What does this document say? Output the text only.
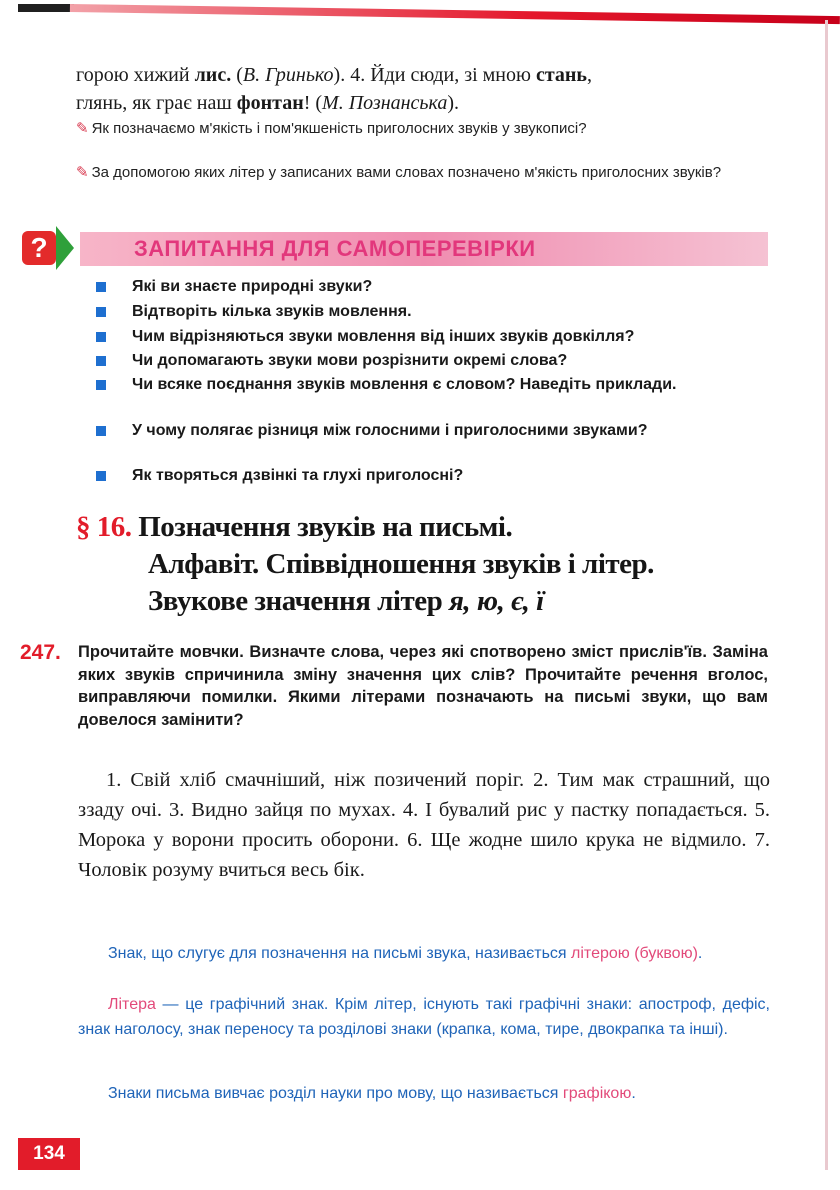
горою хижий лис. (В. Гринько). 4. Йди сюди, зі мною стань,
глянь, як грає наш фонтан! (М. Познанська).
✎ Як позначаємо м'якість і пом'якшеність приголосних звуків у звукописі?
✎ За допомогою яких літер у записаних вами словах позначено м'якість приголосних звуків?
?	ЗАПИТАННЯ ДЛЯ САМОПЕРЕВІРКИ
Які ви знаєте природні звуки?
Відтворіть кілька звуків мовлення.
Чим відрізняються звуки мовлення від інших звуків довкілля?
Чи допомагають звуки мови розрізнити окремі слова?
Чи всяке поєднання звуків мовлення є словом? Наведіть приклади.
У чому полягає різниця між голосними і приголосними звуками?
Як творяться дзвінкі та глухі приголосні?
§ 16. Позначення звуків на письмі.
Алфавіт. Співвідношення звуків і літер.
Звукове значення літер я, ю, є, ї
247. Прочитайте мовчки. Визначте слова, через які спотворено зміст прислів'їв. Заміна яких звуків спричинила зміну значення цих слів? Прочитайте речення вголос, виправляючи помилки. Якими літерами позначають на письмі звуки, що вам довелося замінити?
1. Свій хліб смачніший, ніж позичений поріг. 2. Тим мак страшний, що ззаду очі. 3. Видно зайця по мухах. 4. І бувалий рис у пастку попадається. 5. Морока у ворони просить оборони. 6. Ще жодне шило крука не відмило. 7. Чоловік розуму вчиться весь бік.
Знак, що слугує для позначення на письмі звука, називається літерою (буквою).
Літера — це графічний знак. Крім літер, існують такі графічні знаки: апостроф, дефіс, знак наголосу, знак переносу та розділові знаки (крапка, кома, тире, двокрапка та інші).
Знаки письма вивчає розділ науки про мову, що називається графікою.
134
